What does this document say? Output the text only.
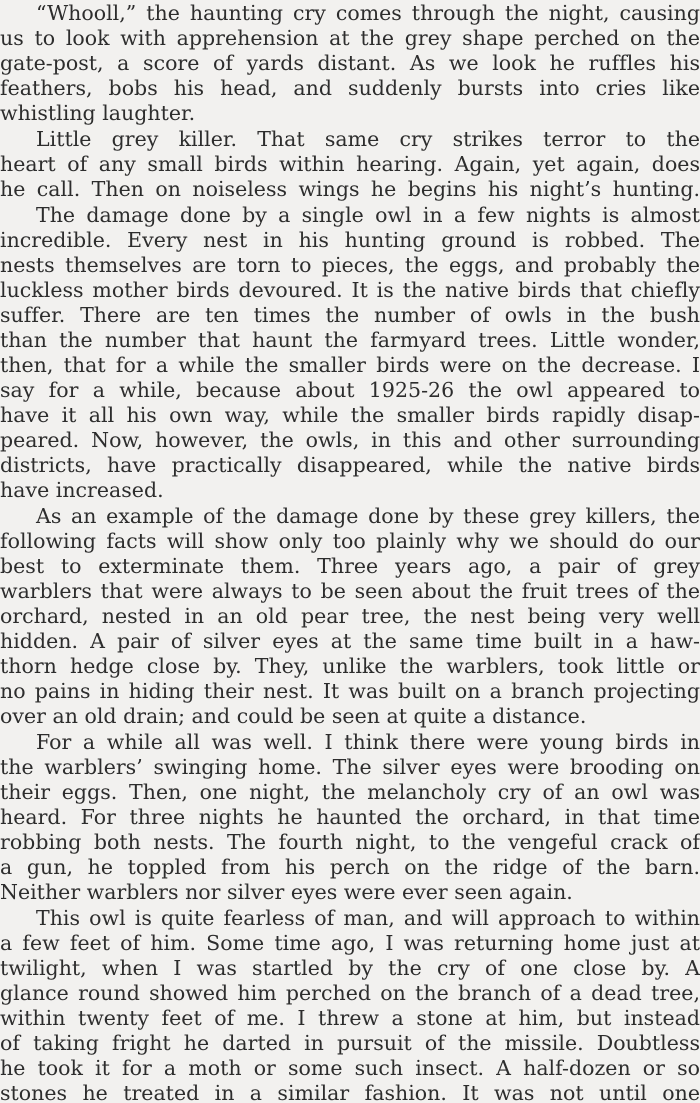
“Whooll,” the haunting cry comes through the night, causing
us to look with apprehension at the grey shape perched on the
gate-post, a score of yards distant. As we look he ruffles his
feathers, bobs his head, and suddenly bursts into cries like
whistling laughter.
Little grey killer. That same cry strikes terror to the
heart of any small birds within hearing. Again, yet again, does
he call. Then on noiseless wings he begins his night’s hunting.
The damage done by a single owl in a few nights is almost
incredible. Every nest in his hunting ground is robbed. The
nests themselves are torn to pieces, the eggs, and probably the
luckless mother birds devoured. It is the native birds that chiefly
suffer. There are ten times the number of owls in the bush
than the number that haunt the farmyard trees. Little wonder,
then, that for a while the smaller birds were on the decrease. I
say for a while, because about 1925-26 the owl appeared to
have it all his own way, while the smaller birds rapidly disap-
peared. Now, however, the owls, in this and other surrounding
districts, have practically disappeared, while the native birds
have increased.
As an example of the damage done by these grey killers, the
following facts will show only too plainly why we should do our
best to exterminate them. Three years ago, a pair of grey
warblers that were always to be seen about the fruit trees of the
orchard, nested in an old pear tree, the nest being very well
hidden. A pair of silver eyes at the same time built in a haw-
thorn hedge close by. They, unlike the warblers, took little or
no pains in hiding their nest. It was built on a branch projecting
over an old drain; and could be seen at quite a distance.
For a while all was well. I think there were young birds in
the warblers’ swinging home. The silver eyes were brooding on
their eggs. Then, one night, the melancholy cry of an owl was
heard. For three nights he haunted the orchard, in that time
robbing both nests. The fourth night, to the vengeful crack of
a gun, he toppled from his perch on the ridge of the barn.
Neither warblers nor silver eyes were ever seen again.
This owl is quite fearless of man, and will approach to within
a few feet of him. Some time ago, I was returning home just at
twilight, when I was startled by the cry of one close by. A
glance round showed him perched on the branch of a dead tree,
within twenty feet of me. I threw a stone at him, but instead
of taking fright he darted in pursuit of the missile. Doubtless
he took it for a moth or some such insect. A half-dozen or so
stones he treated in a similar fashion. It was not until one
